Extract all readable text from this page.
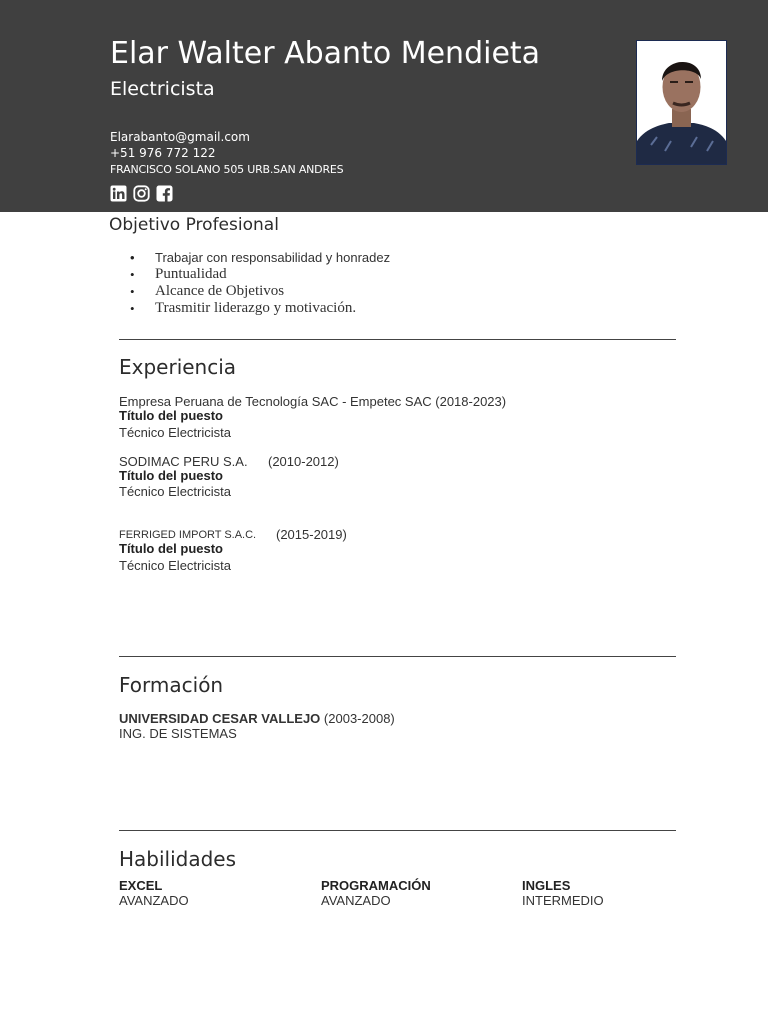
Elar Walter Abanto Mendieta
Electricista
Elarabanto@gmail.com
+51 976 772 122
FRANCISCO SOLANO 505 URB.SAN ANDRES
Objetivo Profesional
• Trabajar con responsabilidad y honradez
• Puntualidad
• Alcance de Objetivos
• Trasmitir liderazgo y motivación.
Experiencia
Empresa Peruana de Tecnología SAC - Empetec SAC (2018-2023)
Título del puesto
Técnico Electricista
SODIMAC PERU S.A. (2010-2012)
Título del puesto
Técnico Electricista
FERRIGED IMPORT S.A.C. (2015-2019)
Título del puesto
Técnico Electricista
Formación
UNIVERSIDAD CESAR VALLEJO (2003-2008)
ING. DE SISTEMAS
Habilidades
EXCEL
AVANZADO
PROGRAMACIÓN
AVANZADO
INGLES
INTERMEDIO
